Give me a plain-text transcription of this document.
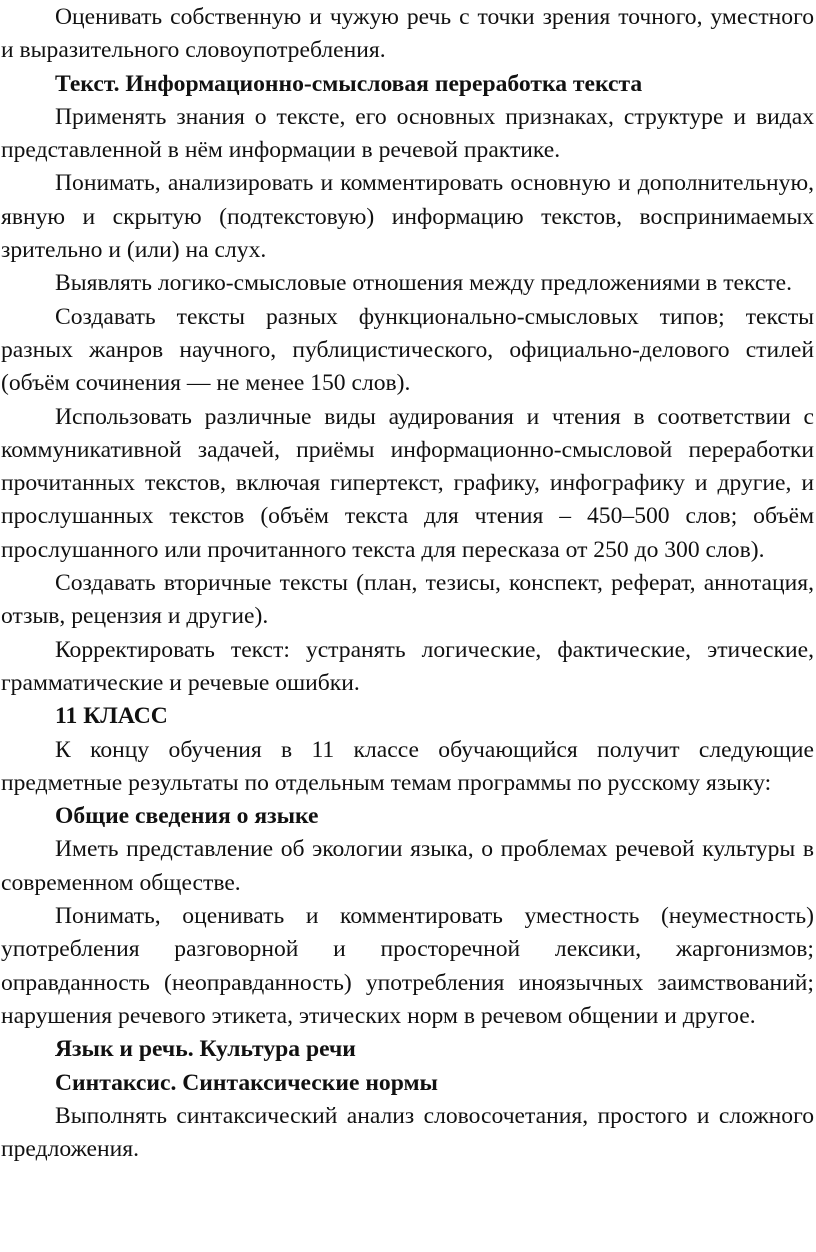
Оценивать собственную и чужую речь с точки зрения точного, уместного и выразительного словоупотребления.

Текст. Информационно-смысловая переработка текста

Применять знания о тексте, его основных признаках, структуре и видах представленной в нём информации в речевой практике.

Понимать, анализировать и комментировать основную и дополнительную, явную и скрытую (подтекстовую) информацию текстов, воспринимаемых зрительно и (или) на слух.

Выявлять логико-смысловые отношения между предложениями в тексте.

Создавать тексты разных функционально-смысловых типов; тексты разных жанров научного, публицистического, официально-делового стилей (объём сочинения — не менее 150 слов).

Использовать различные виды аудирования и чтения в соответствии с коммуникативной задачей, приёмы информационно-смысловой переработки прочитанных текстов, включая гипертекст, графику, инфографику и другие, и прослушанных текстов (объём текста для чтения – 450–500 слов; объём прослушанного или прочитанного текста для пересказа от 250 до 300 слов).

Создавать вторичные тексты (план, тезисы, конспект, реферат, аннотация, отзыв, рецензия и другие).

Корректировать текст: устранять логические, фактические, этические, грамматические и речевые ошибки.

11 КЛАСС

К концу обучения в 11 классе обучающийся получит следующие предметные результаты по отдельным темам программы по русскому языку:

Общие сведения о языке

Иметь представление об экологии языка, о проблемах речевой культуры в современном обществе.

Понимать, оценивать и комментировать уместность (неуместность) употребления разговорной и просторечной лексики, жаргонизмов; оправданность (неоправданность) употребления иноязычных заимствований; нарушения речевого этикета, этических норм в речевом общении и другое.

Язык и речь. Культура речи

Синтаксис. Синтаксические нормы

Выполнять синтаксический анализ словосочетания, простого и сложного предложения.
